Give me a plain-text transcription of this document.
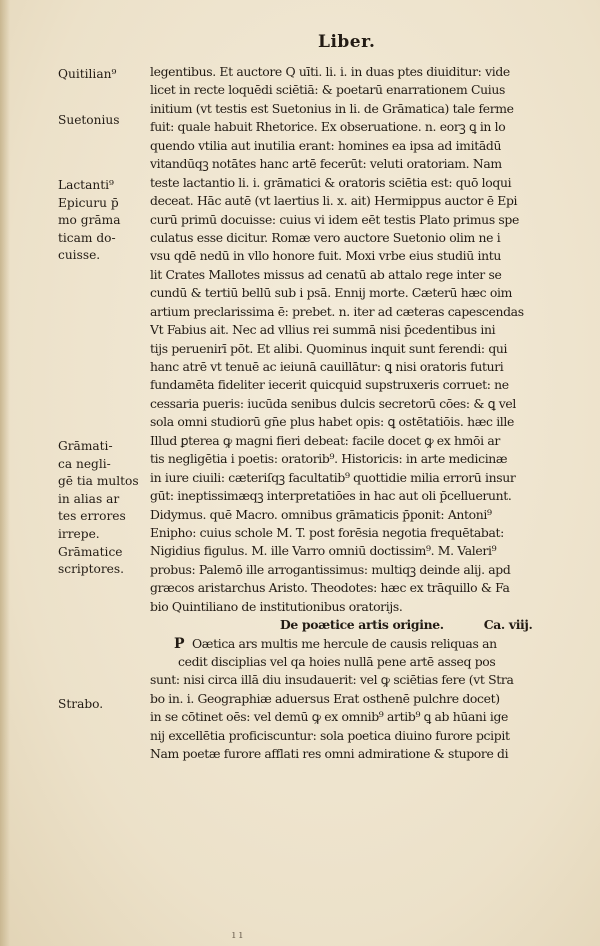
Liber.
Quitilian⁹
Suetonius
Lactanti⁹
Epicuru p̄
mo grāma
ticam do-
cuisse.
Grāmati-
ca negli-
gē tia multos
in alias ar
tes errores
irrepe.
Grāmatice
scriptores.
Strabo.
legentibus. Et auctore Q uīti. li. i. in duas ptes diuiditur: vide
licet in recte loquēdi sciētiā: & poetarū enarrationem Cuius
initium (vt testis est Suetonius in li. de Grāmatica) tale ferme
fuit: quale habuit Rhetorice. Ex obseruatione. n. eorꝫ ꝗ in lo
quendo vtilia aut inutilia erant: homines ea ipsa ad imitādū
vitandūqꝫ notātes hanc artē fecerūt: veluti oratoriam. Nam
teste lactantio li. i. grāmatici & oratoris sciētia est: quō loqui
deceat. Hāc autē (vt laertius li. x. ait) Hermippus auctor ē Epi
curū primū docuisse: cuius vi idem eēt testis Plato primus spe
culatus esse dicitur. Romæ vero auctore Suetonio olim ne i
vsu qdē nedū in vllo honore fuit. Moxi vrbe eius studiū intu
lit Crates Mallotes missus ad cenatū ab attalo rege inter se
cundū & tertiū bellū sub i psā. Ennij morte. Cæterū hæc oim
artium preclarissima ē: prebet. n. iter ad cæteras capescendas
Vt Fabius ait. Nec ad vllius rei summā nisi p̄cedentibus ini
tijs peruenirī pōt. Et alibi. Quominus inquit sunt ferendi: qui
hanc atrē vt tenuē ac ieiunā cauillātur: ꝗ nisi oratoris futuri
fundamēta fideliter iecerit quicquid supstruxeris corruet: ne
cessaria pueris: iucūda senibus dulcis secretorū cōes: & ꝗ vel
sola omni studiorū gn̄e plus habet opis: ꝗ ostētatiōis. hæc ille
Illud ꝑterea ꝙ magni fieri debeat: facile docet ꝙ ex hmōi ar
tis negligētia i poetis: oratorib⁹. Historicis: in arte medicinæ
in iure ciuili: cæteriſqꝫ facultatib⁹ quottidie milia errorū insur
gūt: ineptissimæqꝫ interpretatiōes in hac aut oli p̄celluerunt.
Didymus. quē Macro. omnibus grāmaticis p̄ponit: Antoni⁹
Enipho: cuius schole M. T. post forēsia negotia frequētabat:
Nigidius figulus. M. ille Varro omniū doctissim⁹. M. Valeri⁹
probus: Palemō ille arrogantissimus: multiqꝫ deinde alij. apd
græcos aristarchus Aristo. Theodotes: hæc ex trāquillo & Fa
bio Quintiliano de institutionibus oratorijs.
De poætice artis origine.	Ca. viij.
P Oætica ars multis me hercule de causis reliquas an
cedit disciplias vel qa hoies nullā pene artē asseq pos
sunt: nisi circa illā diu insudauerit: vel ꝙ sciētias fere (vt Stra
bo in. i. Geographiæ aduersus Erat osthenē pulchre docet)
in se cōtinet oēs: vel demū ꝙ ex omnib⁹ artib⁹ ꝗ ab hūani ige
nij excellētia proficiscuntur: sola poetica diuino furore pcipit
Nam poetæ furore afflati res omni admiratione & stupore di
ı ı
